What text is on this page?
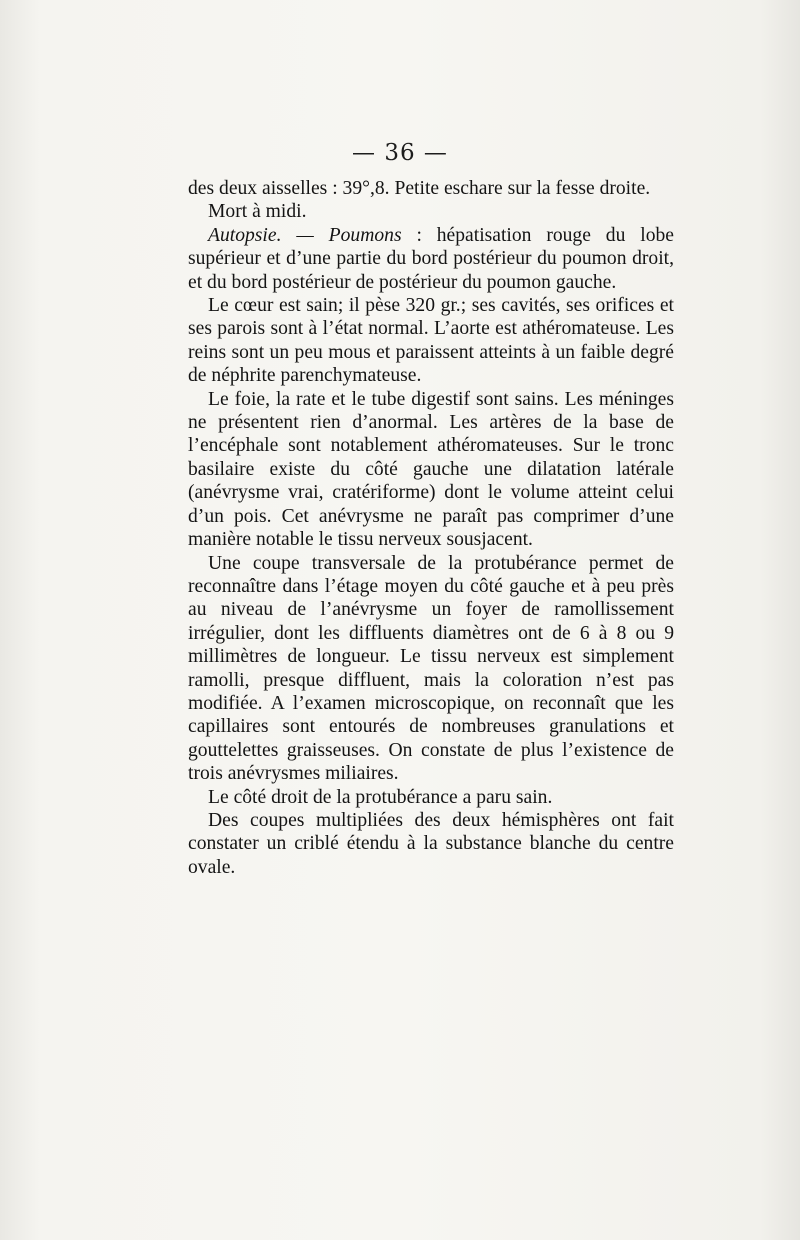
— 36 —

des deux aisselles : 39°,8. Petite eschare sur la fesse droite.

Mort à midi.

Autopsie. — Poumons : hépatisation rouge du lobe supérieur et d’une partie du bord postérieur du poumon droit, et du bord postérieur de postérieur du poumon gauche.

Le cœur est sain; il pèse 320 gr.; ses cavités, ses orifices et ses parois sont à l’état normal. L’aorte est athéromateuse. Les reins sont un peu mous et paraissent atteints à un faible degré de néphrite parenchymateuse.

Le foie, la rate et le tube digestif sont sains. Les méninges ne présentent rien d’anormal. Les artères de la base de l’encéphale sont notablement athéromateuses. Sur le tronc basilaire existe du côté gauche une dilatation latérale (anévrysme vrai, cratériforme) dont le volume atteint celui d’un pois. Cet anévrysme ne paraît pas comprimer d’une manière notable le tissu nerveux sousjacent.

Une coupe transversale de la protubérance permet de reconnaître dans l’étage moyen du côté gauche et à peu près au niveau de l’anévrysme un foyer de ramollissement irrégulier, dont les diffluents diamètres ont de 6 à 8 ou 9 millimètres de longueur. Le tissu nerveux est simplement ramolli, presque diffluent, mais la coloration n’est pas modifiée. A l’examen microscopique, on reconnaît que les capillaires sont entourés de nombreuses granulations et gouttelettes graisseuses. On constate de plus l’existence de trois anévrysmes miliaires.

Le côté droit de la protubérance a paru sain.

Des coupes multipliées des deux hémisphères ont fait constater un criblé étendu à la substance blanche du centre ovale.
